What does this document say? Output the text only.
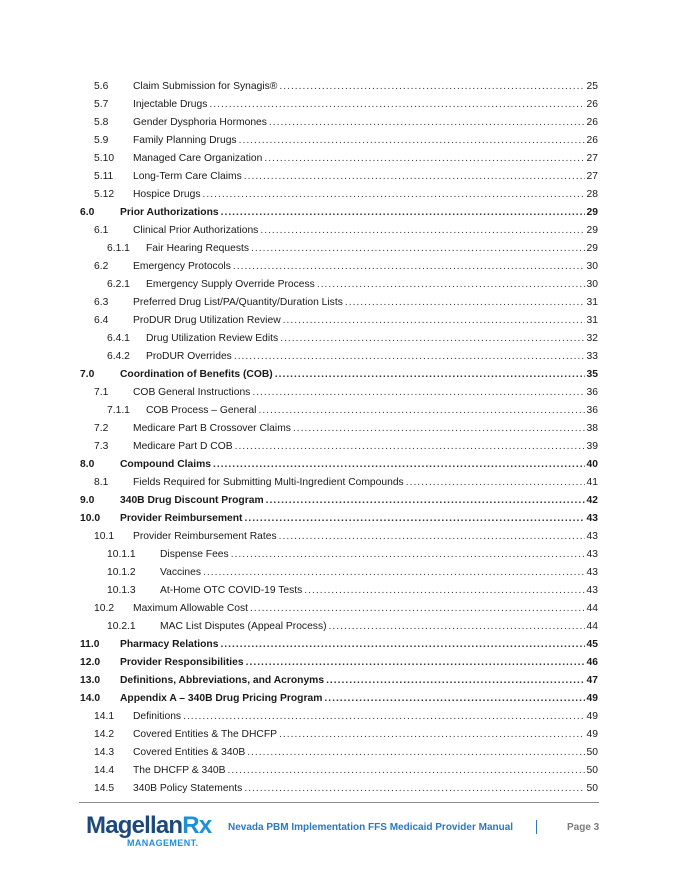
5.6 Claim Submission for Synagis® .....	25
5.7 Injectable Drugs .....	26
5.8 Gender Dysphoria Hormones .....	26
5.9 Family Planning Drugs .....	26
5.10 Managed Care Organization .....	27
5.11 Long-Term Care Claims .....	27
5.12 Hospice Drugs .....	28
6.0 Prior Authorizations .....	29
6.1 Clinical Prior Authorizations .....	29
6.1.1 Fair Hearing Requests .....	29
6.2 Emergency Protocols .....	30
6.2.1 Emergency Supply Override Process .....	30
6.3 Preferred Drug List/PA/Quantity/Duration Lists .....	31
6.4 ProDUR Drug Utilization Review .....	31
6.4.1 Drug Utilization Review Edits .....	32
6.4.2 ProDUR Overrides .....	33
7.0 Coordination of Benefits (COB) .....	35
7.1 COB General Instructions .....	36
7.1.1 COB Process – General .....	36
7.2 Medicare Part B Crossover Claims .....	38
7.3 Medicare Part D COB .....	39
8.0 Compound Claims .....	40
8.1 Fields Required for Submitting Multi-Ingredient Compounds .....	41
9.0 340B Drug Discount Program .....	42
10.0 Provider Reimbursement .....	43
10.1 Provider Reimbursement Rates .....	43
10.1.1 Dispense Fees .....	43
10.1.2 Vaccines .....	43
10.1.3 At-Home OTC COVID-19 Tests .....	43
10.2 Maximum Allowable Cost .....	44
10.2.1 MAC List Disputes (Appeal Process) .....	44
11.0 Pharmacy Relations .....	45
12.0 Provider Responsibilities .....	46
13.0 Definitions, Abbreviations, and Acronyms .....	47
14.0 Appendix A – 340B Drug Pricing Program .....	49
14.1 Definitions .....	49
14.2 Covered Entities & The DHCFP .....	49
14.3 Covered Entities & 340B .....	50
14.4 The DHCFP & 340B .....	50
14.5 340B Policy Statements .....	50
MagellanRx
MANAGEMENT.
Nevada PBM Implementation FFS Medicaid Provider Manual	Page 3
